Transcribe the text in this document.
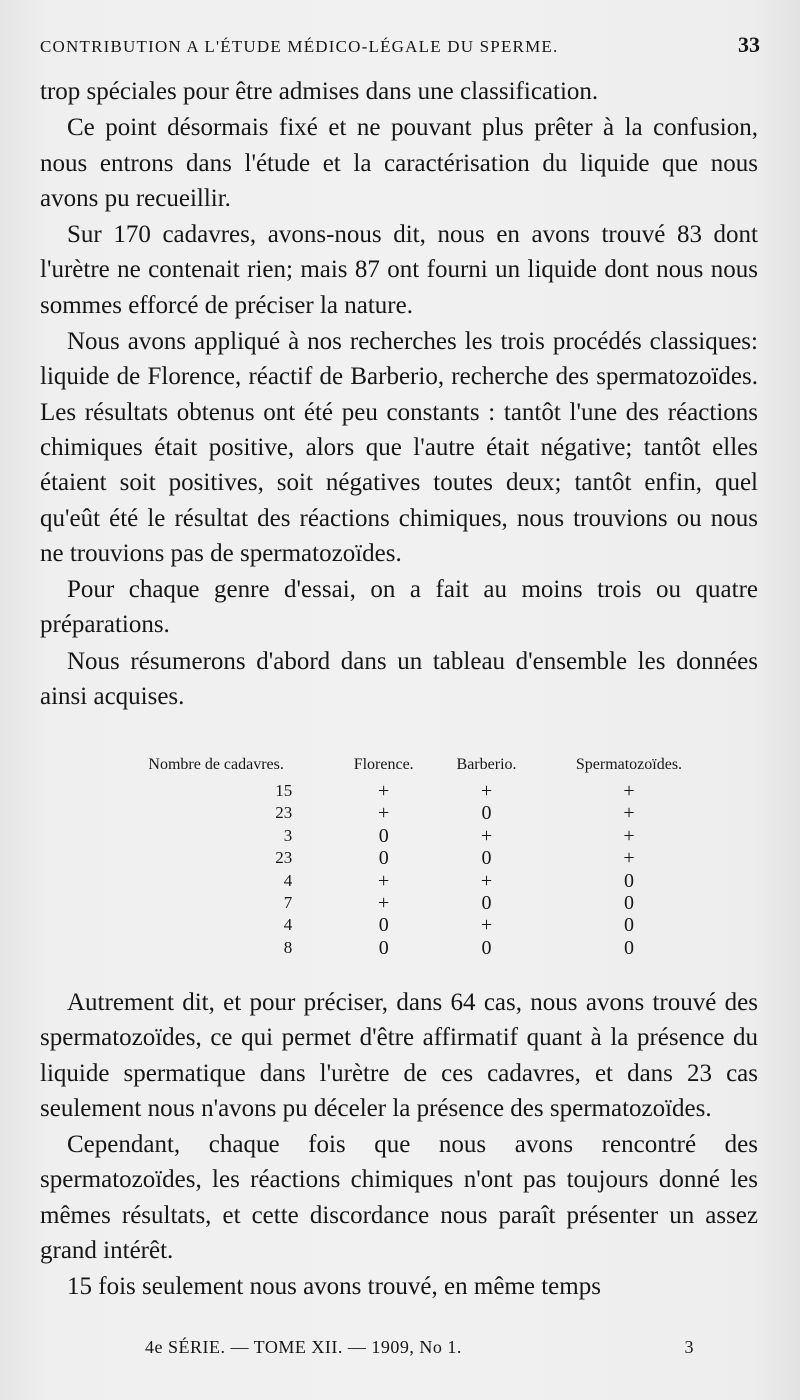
CONTRIBUTION A L'ÉTUDE MÉDICO-LÉGALE DU SPERME.	33

trop spéciales pour être admises dans une classification.

Ce point désormais fixé et ne pouvant plus prêter à la confusion, nous entrons dans l'étude et la caractérisation du liquide que nous avons pu recueillir.

Sur 170 cadavres, avons-nous dit, nous en avons trouvé 83 dont l'urètre ne contenait rien; mais 87 ont fourni un liquide dont nous nous sommes efforcé de préciser la nature.

Nous avons appliqué à nos recherches les trois procédés classiques: liquide de Florence, réactif de Barberio, recherche des spermatozoïdes. Les résultats obtenus ont été peu constants : tantôt l'une des réactions chimiques était positive, alors que l'autre était négative; tantôt elles étaient soit positives, soit négatives toutes deux; tantôt enfin, quel qu'eût été le résultat des réactions chimiques, nous trouvions ou nous ne trouvions pas de spermatozoïdes.

Pour chaque genre d'essai, on a fait au moins trois ou quatre préparations.

Nous résumerons d'abord dans un tableau d'ensemble les données ainsi acquises.

Nombre de cadavres.	Florence.	Barberio.	Spermatozoïdes.
15	+	+	+
23	+	0	+
3	0	+	+
23	0	0	+
4	+	+	0
7	+	0	0
4	0	+	0
8	0	0	0

Autrement dit, et pour préciser, dans 64 cas, nous avons trouvé des spermatozoïdes, ce qui permet d'être affirmatif quant à la présence du liquide spermatique dans l'urètre de ces cadavres, et dans 23 cas seulement nous n'avons pu déceler la présence des spermatozoïdes.

Cependant, chaque fois que nous avons rencontré des spermatozoïdes, les réactions chimiques n'ont pas toujours donné les mêmes résultats, et cette discordance nous paraît présenter un assez grand intérêt.

15 fois seulement nous avons trouvé, en même temps

4e SÉRIE. — TOME XII. — 1909, No 1.	3
